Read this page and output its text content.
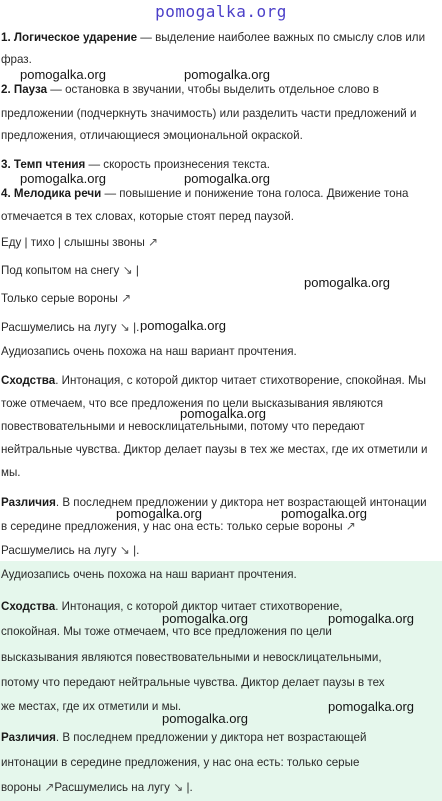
pomogalka.org
1. Логическое ударение — выделение наиболее важных по смыслу слов или
фраз.
pomogalka.org	pomogalka.org
2. Пауза — остановка в звучании, чтобы выделить отдельное слово в
предложении (подчеркнуть значимость) или разделить части предложений и
предложения, отличающиеся эмоциональной окраской.
3. Темп чтения — скорость произнесения текста.
pomogalka.org	pomogalka.org
4. Мелодика речи — повышение и понижение тона голоса. Движение тона
отмечается в тех словах, которые стоят перед паузой.
Еду | тихо | слышны звоны ↗
Под копытом на снегу ↘ |
pomogalka.org
Только серые вороны ↗
Расшумелись на лугу ↘ |. pomogalka.org
Аудиозапись очень похожа на наш вариант прочтения.
Сходства. Интонация, с которой диктор читает стихотворение, спокойная. Мы
тоже отмечаем, что все предложения по цели высказывания являются
pomogalka.org
повествовательными и невосклицательными, потому что передают
нейтральные чувства. Диктор делает паузы в тех же местах, где их отметили и
мы.
Различия. В последнем предложении у диктора нет возрастающей интонации
pomogalka.org	pomogalka.org
в середине предложения, у нас она есть: только серые вороны ↗
Расшумелись на лугу ↘ |.
Аудиозапись очень похожа на наш вариант прочтения.
Сходства. Интонация, с которой диктор читает стихотворение,
pomogalka.org	pomogalka.org
спокойная. Мы тоже отмечаем, что все предложения по цели
высказывания являются повествовательными и невосклицательными,
потому что передают нейтральные чувства. Диктор делает паузы в тех
же местах, где их отметили и мы.	pomogalka.org
pomogalka.org
Различия. В последнем предложении у диктора нет возрастающей
интонации в середине предложения, у нас она есть: только серые
вороны ↗Расшумелись на лугу ↘ |.
